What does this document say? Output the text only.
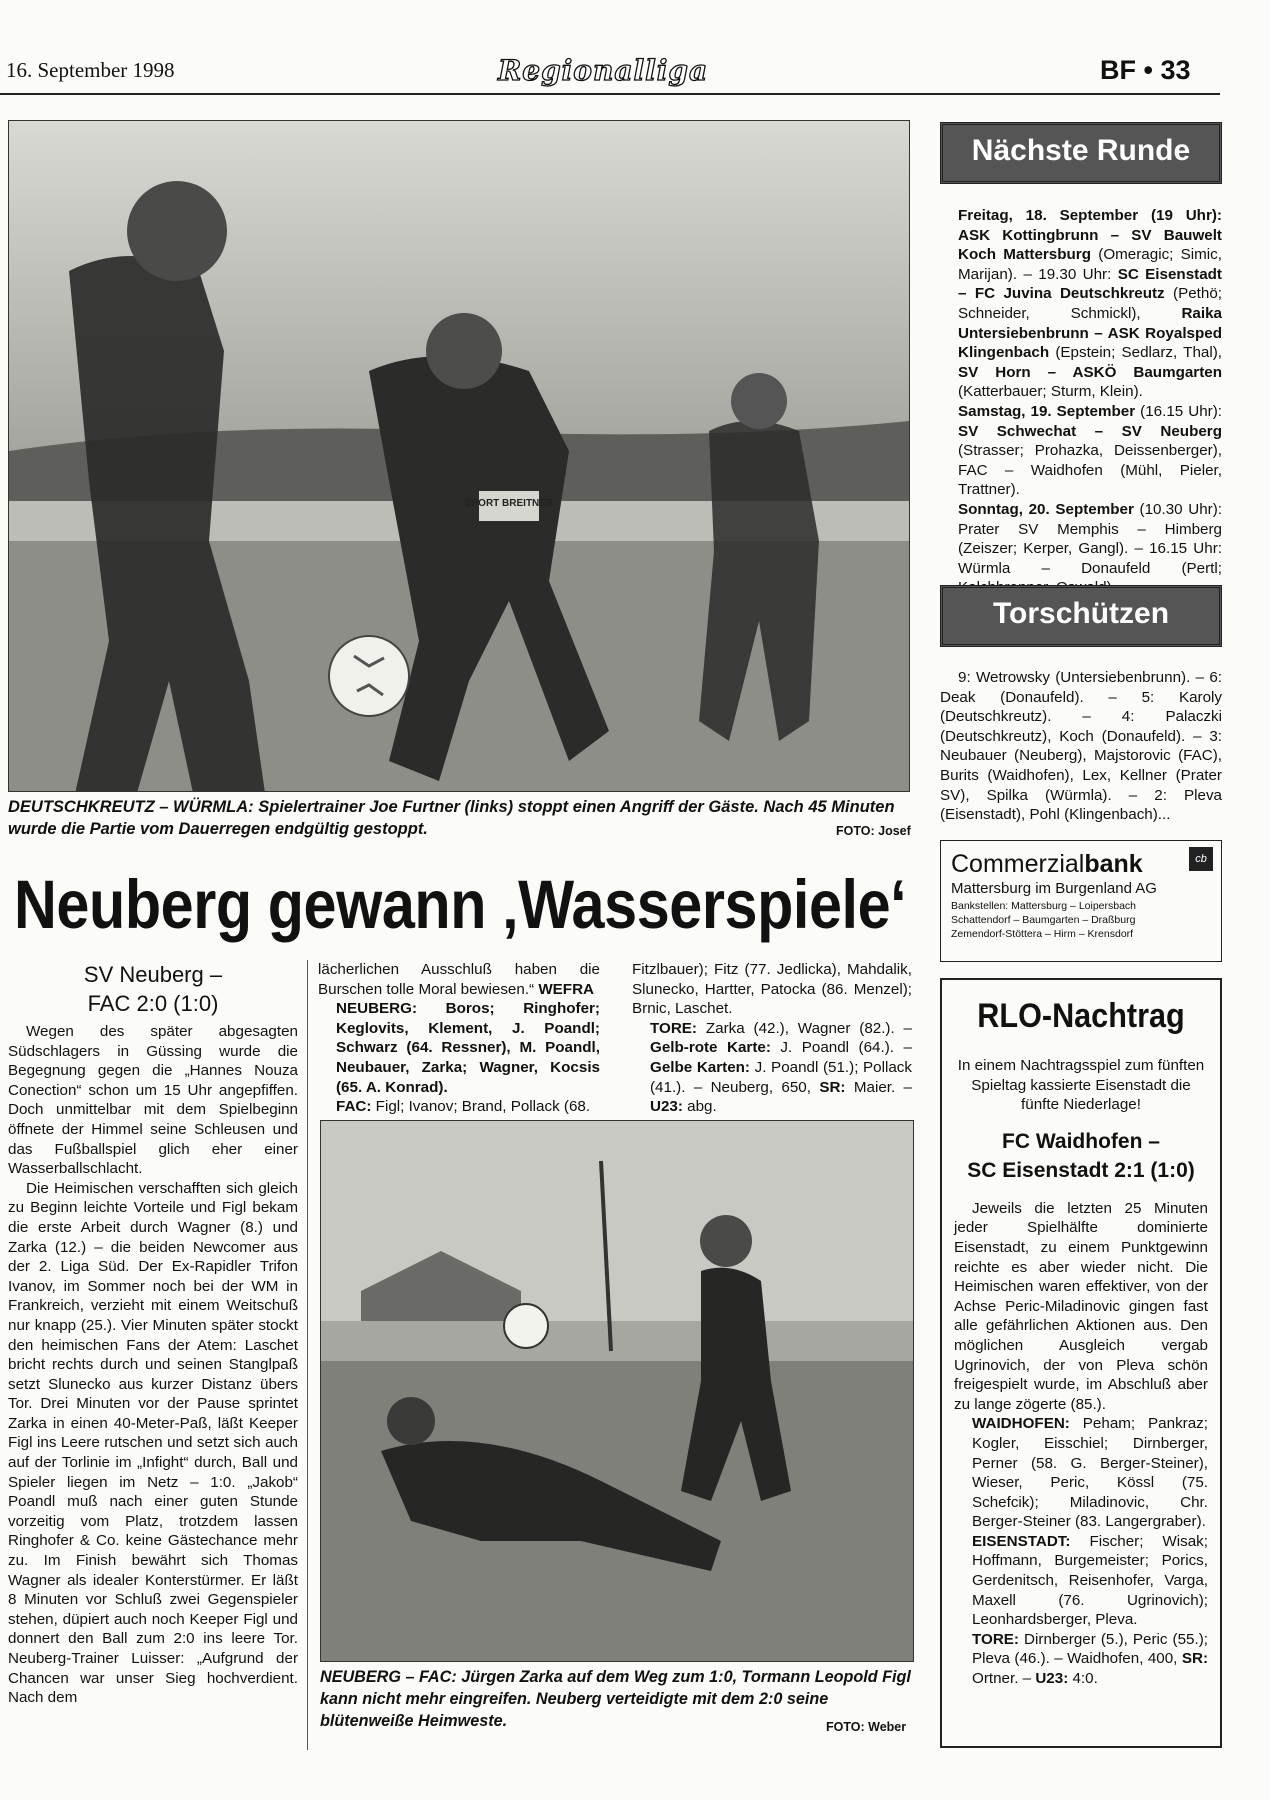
16. September 1998	Regionalliga	BF • 33
SPORT BREITNER
DEUTSCHKREUTZ – WÜRMLA: Spielertrainer Joe Furtner (links) stoppt einen Angriff der Gäste. Nach 45 Minuten wurde die Partie vom Dauerregen endgültig gestoppt.	FOTO: Josef
Neuberg gewann ‚Wasserspiele‘
SV Neuberg –
FAC 2:0 (1:0)
Wegen des später abgesagten Südschlagers in Güssing wurde die Begegnung gegen die „Hannes Nouza Conection“ schon um 15 Uhr angepfiffen. Doch unmittelbar mit dem Spielbeginn öffnete der Himmel seine Schleusen und das Fußballspiel glich eher einer Wasserballschlacht.
Die Heimischen verschafften sich gleich zu Beginn leichte Vorteile und Figl bekam die erste Arbeit durch Wagner (8.) und Zarka (12.) – die beiden Newcomer aus der 2. Liga Süd. Der Ex-Rapidler Trifon Ivanov, im Sommer noch bei der WM in Frankreich, verzieht mit einem Weitschuß nur knapp (25.). Vier Minuten später stockt den heimischen Fans der Atem: Laschet bricht rechts durch und seinen Stanglpaß setzt Slunecko aus kurzer Distanz übers Tor. Drei Minuten vor der Pause sprintet Zarka in einen 40-Meter-Paß, läßt Keeper Figl ins Leere rutschen und setzt sich auch auf der Torlinie im „Infight“ durch, Ball und Spieler liegen im Netz – 1:0. „Jakob“ Poandl muß nach einer guten Stunde vorzeitig vom Platz, trotzdem lassen Ringhofer & Co. keine Gästechance mehr zu. Im Finish bewährt sich Thomas Wagner als idealer Konterstürmer. Er läßt 8 Minuten vor Schluß zwei Gegenspieler stehen, düpiert auch noch Keeper Figl und donnert den Ball zum 2:0 ins leere Tor. Neuberg-Trainer Luisser: „Aufgrund der Chancen war unser Sieg hochverdient. Nach dem
lächerlichen Ausschluß haben die Burschen tolle Moral bewiesen.“ WEFRA
NEUBERG: Boros; Ringhofer; Keglovits, Klement, J. Poandl; Schwarz (64. Ressner), M. Poandl, Neubauer, Zarka; Wagner, Kocsis (65. A. Konrad).
FAC: Figl; Ivanov; Brand, Pollack (68.
Fitzlbauer); Fitz (77. Jedlicka), Mahdalik, Slunecko, Hartter, Patocka (86. Menzel); Brnic, Laschet.
TORE: Zarka (42.), Wagner (82.). – Gelb-rote Karte: J. Poandl (64.). – Gelbe Karten: J. Poandl (51.); Pollack (41.). – Neuberg, 650, SR: Maier. – U23: abg.
NEUBERG – FAC: Jürgen Zarka auf dem Weg zum 1:0, Tormann Leopold Figl kann nicht mehr eingreifen. Neuberg verteidigte mit dem 2:0 seine blütenweiße Heimweste.	FOTO: Weber
Nächste Runde
Freitag, 18. September (19 Uhr): ASK Kottingbrunn – SV Bauwelt Koch Mattersburg (Omeragic; Simic, Marijan). – 19.30 Uhr: SC Eisenstadt – FC Juvina Deutschkreutz (Pethö; Schneider, Schmickl),	Raika Untersiebenbrunn – ASK Royalsped Klingenbach (Epstein; Sedlarz, Thal), SV Horn – ASKÖ Baumgarten (Katterbauer; Sturm, Klein).
Samstag, 19. September (16.15 Uhr): SV Schwechat – SV Neuberg (Strasser; Prohazka, Deissenberger), FAC – Waidhofen (Mühl, Pieler, Trattner).
Sonntag, 20. September (10.30 Uhr): Prater SV Memphis – Himberg (Zeiszer; Kerper, Gangl). – 16.15 Uhr: Würmla – Donaufeld (Pertl;
Torschützen
9: Wetrowsky (Untersiebenbrunn). – 6: Deak (Donaufeld). – 5: Karoly (Deutschkreutz). – 4: Palaczki (Deutschkreutz), Koch (Donaufeld). – 3: Neubauer (Neuberg), Majstorovic (FAC), Burits (Waidhofen), Lex, Kellner (Prater SV), Spilka (Würmla). – 2: Pleva (Eisenstadt), Pohl (Klingenbach)...
Commerzialbank	cb
Mattersburg im Burgenland AG
Bankstellen: Mattersburg – Loipersbach
Schattendorf – Baumgarten – Draßburg
Zemendorf-Stöttera – Hirm – Krensdorf
RLO-Nachtrag
In einem Nachtragsspiel zum fünften Spieltag kassierte Eisenstadt die fünfte Niederlage!
FC Waidhofen –
SC Eisenstadt 2:1 (1:0)
Jeweils die letzten 25 Minuten jeder Spielhälfte dominierte Eisenstadt, zu einem Punktgewinn reichte es aber wieder nicht. Die Heimischen waren effektiver, von der Achse Peric-Miladinovic gingen fast alle gefährlichen Aktionen aus. Den möglichen Ausgleich vergab Ugrinovich, der von Pleva schön freigespielt wurde, im Abschluß aber zu lange zögerte (85.).
WAIDHOFEN: Peham; Pankraz; Kogler, Eisschiel; Dirnberger, Perner (58. G. Berger-Steiner), Wieser, Peric, Kössl (75. Schefcik); Miladinovic, Chr. Berger-Steiner (83. Langergraber).
EISENSTADT: Fischer; Wisak; Hoffmann, Burgemeister; Porics, Gerdenitsch, Reisenhofer, Varga, Maxell (76. Ugrinovich); Leonhardsberger, Pleva.
TORE: Dirnberger (5.), Peric (55.); Pleva (46.). – Waidhofen, 400, SR: Ortner. – U23: 4:0.
